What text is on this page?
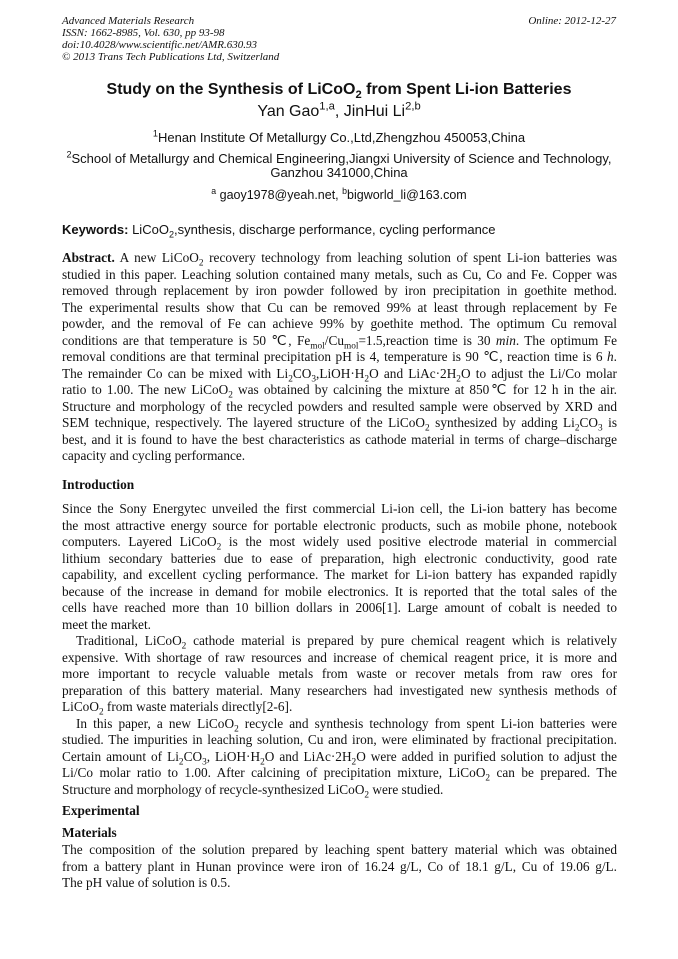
Advanced Materials Research
ISSN: 1662-8985, Vol. 630, pp 93-98
doi:10.4028/www.scientific.net/AMR.630.93
© 2013 Trans Tech Publications Ltd, Switzerland
Online: 2012-12-27
Study on the Synthesis of LiCoO$_2$ from Spent Li-ion Batteries
Yan Gao$^{1,a}$, JinHui Li$^{2,b}$
$^1$Henan Institute Of Metallurgy Co.,Ltd,Zhengzhou 450053,China
$^2$School of Metallurgy and Chemical Engineering,Jiangxi University of Science and Technology,
Ganzhou 341000,China
$^a$ gaoy1978@yeah.net, $^b$bigworld_li@163.com
Keywords: LiCoO$_2$,synthesis, discharge performance, cycling performance
Abstract. A new LiCoO$_2$ recovery technology from leaching solution of spent Li-ion batteries was
studied in this paper. Leaching solution contained many metals, such as Cu, Co and Fe. Copper was
removed through replacement by iron powder followed by iron precipitation in goethite method.
The experimental results show that Cu can be removed 99% at least through replacement by Fe
powder, and the removal of Fe can achieve 99% by goethite method. The optimum Cu removal
conditions are that temperature is 50 ℃, $Fe_{mol}/Cu_{mol}=1.5,reaction$ time is 30 min. The optimum Fe
removal conditions are that terminal precipitation pH is 4, temperature is 90 ℃, reaction time is 6 h.
The remainder Co can be mixed with $Li_2CO_3,LiOH\cdot H_2O$ and $LiAc\cdot 2H_2O$ to adjust the Li/Co molar
ratio to 1.00. The new LiCoO$_2$ was obtained by calcining the mixture at 850℃ for 12 h in the air.
Structure and morphology of the recycled powders and resulted sample were observed by XRD and
SEM technique, respectively. The layered structure of the LiCoO$_2$ synthesized by adding $Li_2CO_3$ is
best, and it is found to have the best characteristics as cathode material in terms of charge–discharge
capacity and cycling performance.
Introduction
Since the Sony Energytec unveiled the first commercial Li-ion cell, the Li-ion battery has become
the most attractive energy source for portable electronic products, such as mobile phone, notebook
computers. Layered LiCoO$_2$ is the most widely used positive electrode material in commercial
lithium secondary batteries due to ease of preparation, high electronic conductivity, good rate
capability, and excellent cycling performance. The market for Li-ion battery has expanded rapidly
because of the increase in demand for mobile electronics. It is reported that the total sales of the
cells have reached more than 10 billion dollars in 2006[1]. Large amount of cobalt is needed to
meet the market.
Traditional, LiCoO$_2$ cathode material is prepared by pure chemical reagent which is relatively
expensive. With shortage of raw resources and increase of chemical reagent price, it is more and
more important to recycle valuable metals from waste or recover metals from raw ores for
preparation of this battery material. Many researchers had investigated new synthesis methods of
LiCoO$_2$ from waste materials directly[2-6].
In this paper, a new LiCoO$_2$ recycle and synthesis technology from spent Li-ion batteries were
studied. The impurities in leaching solution, Cu and iron, were eliminated by fractional precipitation.
Certain amount of $Li_2CO_3$, $LiOH\cdot H_2O$ and $LiAc\cdot 2H_2O$ were added in purified solution to adjust the
Li/Co molar ratio to 1.00. After calcining of precipitation mixture, LiCoO$_2$ can be prepared. The
Structure and morphology of recycle-synthesized LiCoO$_2$ were studied.
Experimental
Materials
The composition of the solution prepared by leaching spent battery material which was obtained
from a battery plant in Hunan province were iron of 16.24 g/L, Co of 18.1 g/L, Cu of 19.06 g/L.
The pH value of solution is 0.5.
